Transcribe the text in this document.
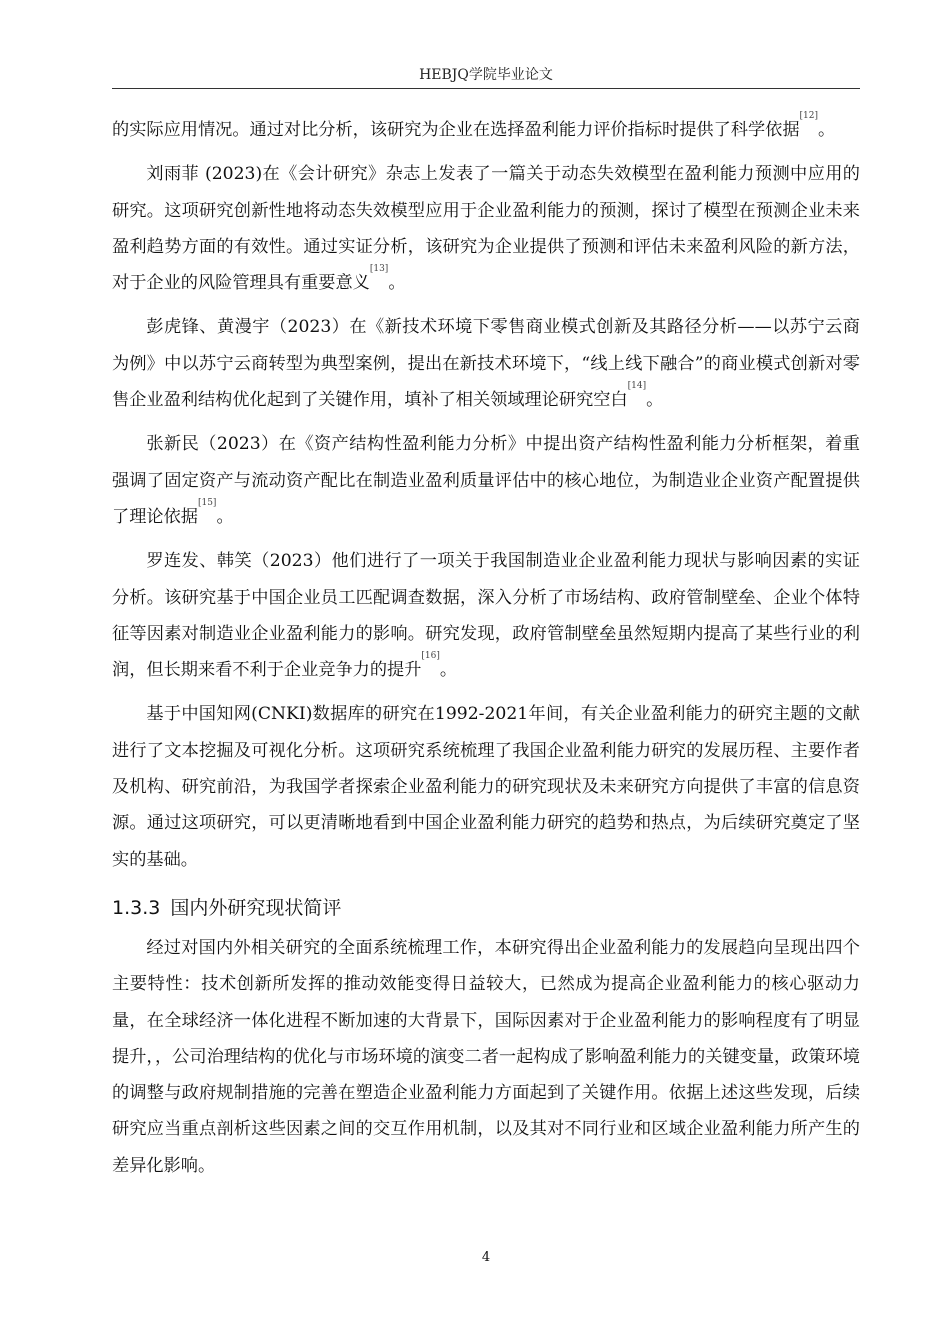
HEBJQ学院毕业论文

的实际应用情况。通过对比分析，该研究为企业在选择盈利能力评价指标时提供了科学依据[12]。

刘雨菲 (2023)在《会计研究》杂志上发表了一篇关于动态失效模型在盈利能力预测中应用的研究。这项研究创新性地将动态失效模型应用于企业盈利能力的预测，探讨了模型在预测企业未来盈利趋势方面的有效性。通过实证分析，该研究为企业提供了预测和评估未来盈利风险的新方法，对于企业的风险管理具有重要意义[13]。

彭虎锋、黄漫宇（2023）在《新技术环境下零售商业模式创新及其路径分析——以苏宁云商为例》中以苏宁云商转型为典型案例，提出在新技术环境下，“线上线下融合”的商业模式创新对零售企业盈利结构优化起到了关键作用，填补了相关领域理论研究空白[14]。

张新民（2023）在《资产结构性盈利能力分析》中提出资产结构性盈利能力分析框架，着重强调了固定资产与流动资产配比在制造业盈利质量评估中的核心地位，为制造业企业资产配置提供了理论依据[15]。

罗连发、韩笑（2023）他们进行了一项关于我国制造业企业盈利能力现状与影响因素的实证分析。该研究基于中国企业员工匹配调查数据，深入分析了市场结构、政府管制壁垒、企业个体特征等因素对制造业企业盈利能力的影响。研究发现，政府管制壁垒虽然短期内提高了某些行业的利润，但长期来看不利于企业竞争力的提升[16]。

基于中国知网(CNKI)数据库的研究在1992-2021年间，有关企业盈利能力的研究主题的文献进行了文本挖掘及可视化分析。这项研究系统梳理了我国企业盈利能力研究的发展历程、主要作者及机构、研究前沿，为我国学者探索企业盈利能力的研究现状及未来研究方向提供了丰富的信息资源。通过这项研究，可以更清晰地看到中国企业盈利能力研究的趋势和热点，为后续研究奠定了坚实的基础。

1.3.3 国内外研究现状简评

经过对国内外相关研究的全面系统梳理工作，本研究得出企业盈利能力的发展趋向呈现出四个主要特性：技术创新所发挥的推动效能变得日益较大，已然成为提高企业盈利能力的核心驱动力量，在全球经济一体化进程不断加速的大背景下，国际因素对于企业盈利能力的影响程度有了明显提升，，公司治理结构的优化与市场环境的演变二者一起构成了影响盈利能力的关键变量，政策环境的调整与政府规制措施的完善在塑造企业盈利能力方面起到了关键作用。依据上述这些发现，后续研究应当重点剖析这些因素之间的交互作用机制，以及其对不同行业和区域企业盈利能力所产生的差异化影响。

4
